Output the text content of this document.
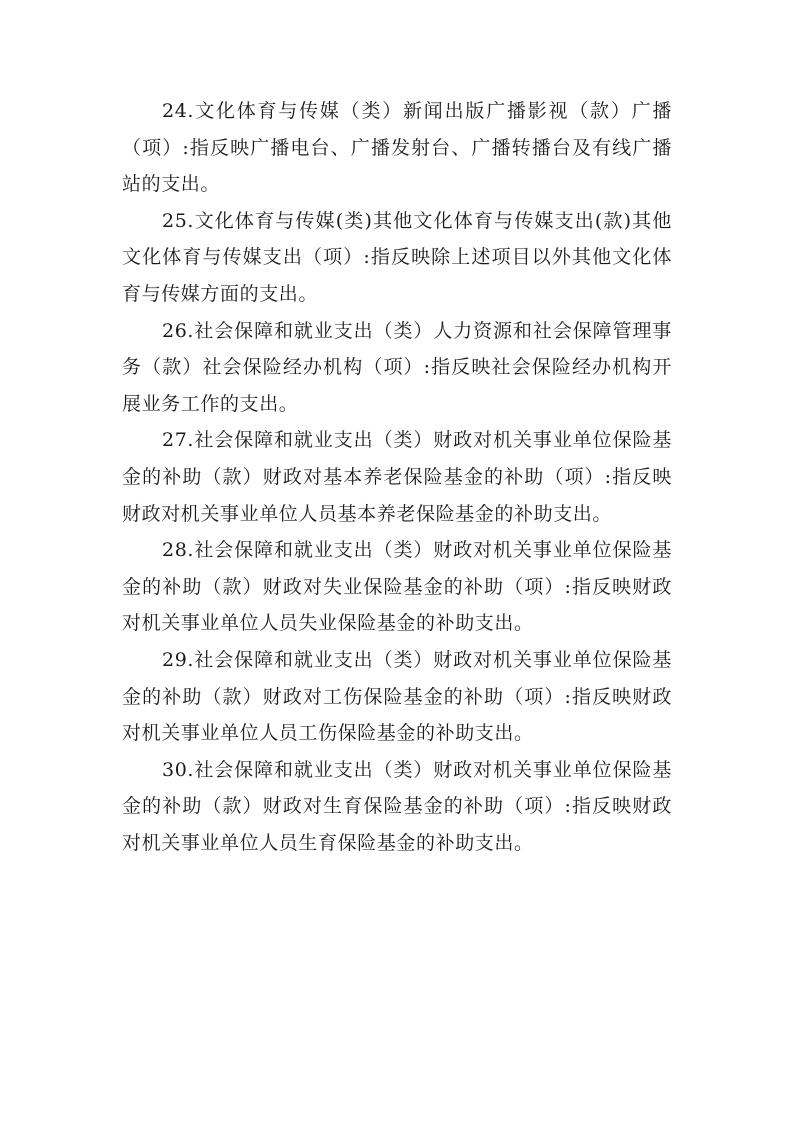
24.文化体育与传媒（类）新闻出版广播影视（款）广播（项）:指反映广播电台、广播发射台、广播转播台及有线广播站的支出。

25.文化体育与传媒(类)其他文化体育与传媒支出(款)其他文化体育与传媒支出（项）:指反映除上述项目以外其他文化体育与传媒方面的支出。

26.社会保障和就业支出（类）人力资源和社会保障管理事务（款）社会保险经办机构（项）:指反映社会保险经办机构开展业务工作的支出。

27.社会保障和就业支出（类）财政对机关事业单位保险基金的补助（款）财政对基本养老保险基金的补助（项）:指反映财政对机关事业单位人员基本养老保险基金的补助支出。

28.社会保障和就业支出（类）财政对机关事业单位保险基金的补助（款）财政对失业保险基金的补助（项）:指反映财政对机关事业单位人员失业保险基金的补助支出。

29.社会保障和就业支出（类）财政对机关事业单位保险基金的补助（款）财政对工伤保险基金的补助（项）:指反映财政对机关事业单位人员工伤保险基金的补助支出。

30.社会保障和就业支出（类）财政对机关事业单位保险基金的补助（款）财政对生育保险基金的补助（项）:指反映财政对机关事业单位人员生育保险基金的补助支出。
